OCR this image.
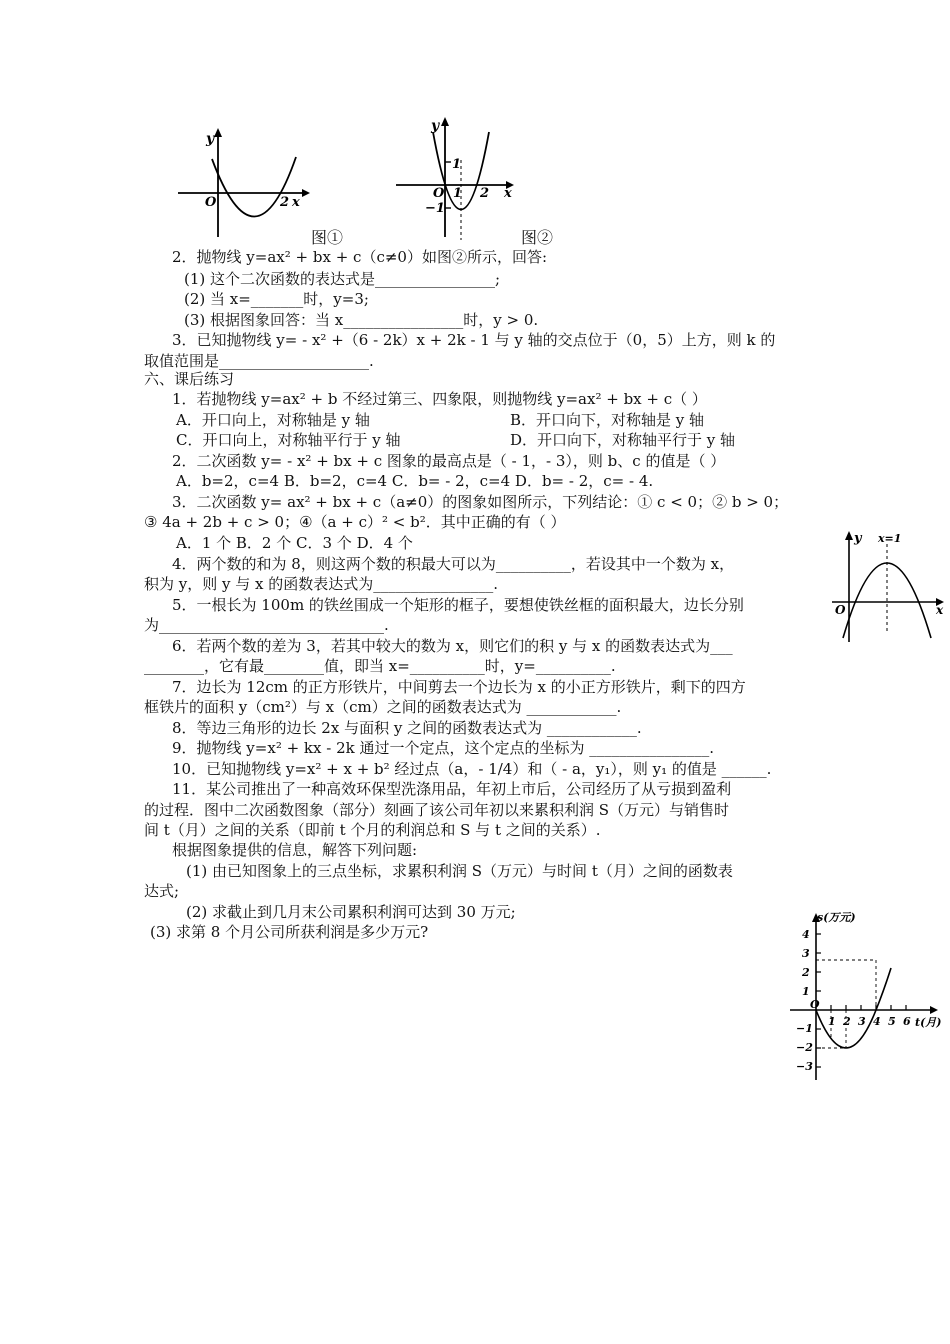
y
O	2 x
图①
y
1
O 1 2 x
−1
图②
2．抛物线 y=ax² + bx + c（c≠0）如图②所示，回答:
(1) 这个二次函数的表达式是________________;
(2) 当 x=_______时，y=3;
(3) 根据图象回答：当 x________________时，y > 0.
3．已知抛物线 y= - x² +（6 - 2k）x + 2k - 1 与 y 轴的交点位于（0，5）上方，则 k 的
取值范围是____________________.
六、课后练习
1．若抛物线 y=ax² + b 不经过第三、四象限，则抛物线 y=ax² + bx + c（ ）
A．开口向上，对称轴是 y 轴	B．开口向下，对称轴是 y 轴
C．开口向上，对称轴平行于 y 轴	D．开口向下，对称轴平行于 y 轴
2．二次函数 y= - x² + bx + c 图象的最高点是（ - 1，- 3），则 b、c 的值是（ ）
A．b=2，c=4 B．b=2，c=4 C．b= - 2，c=4 D．b= - 2，c= - 4.
3．二次函数 y= ax² + bx + c（a≠0）的图象如图所示，下列结论：① c < 0；② b > 0；
③ 4a + 2b + c > 0；④（a + c）² < b²．其中正确的有（ ）
A．1 个 B．2 个 C．3 个 D．4 个
4．两个数的和为 8，则这两个数的积最大可以为__________，若设其中一个数为 x，
积为 y，则 y 与 x 的函数表达式为________________.
5．一根长为 100m 的铁丝围成一个矩形的框子，要想使铁丝框的面积最大，边长分别
为______________________________.
6．若两个数的差为 3，若其中较大的数为 x，则它们的积 y 与 x 的函数表达式为___
________，它有最________值，即当 x=__________时，y=__________.
7．边长为 12cm 的正方形铁片，中间剪去一个边长为 x 的小正方形铁片，剩下的四方
框铁片的面积 y（cm²）与 x（cm）之间的函数表达式为 ____________.
8．等边三角形的边长 2x 与面积 y 之间的函数表达式为 ____________.
9．抛物线 y=x² + kx - 2k 通过一个定点，这个定点的坐标为 ________________.
10．已知抛物线 y=x² + x + b² 经过点（a，- 1/4）和（ - a，y₁），则 y₁ 的值是 ______.
11．某公司推出了一种高效环保型洗涤用品，年初上市后，公司经历了从亏损到盈利
的过程．图中二次函数图象（部分）刻画了该公司年初以来累积利润 S（万元）与销售时
间 t（月）之间的关系（即前 t 个月的利润总和 S 与 t 之间的关系）.
根据图象提供的信息，解答下列问题:
(1) 由已知图象上的三点坐标，求累积利润 S（万元）与时间 t（月）之间的函数表
达式;
(2) 求截止到几月末公司累积利润可达到 30 万元;
(3) 求第 8 个月公司所获利润是多少万元?
y x=1
O	x
s(万元)
4
3
2
1
O
−1
−2
−3
1 2 3 4 5 6 t(月)
